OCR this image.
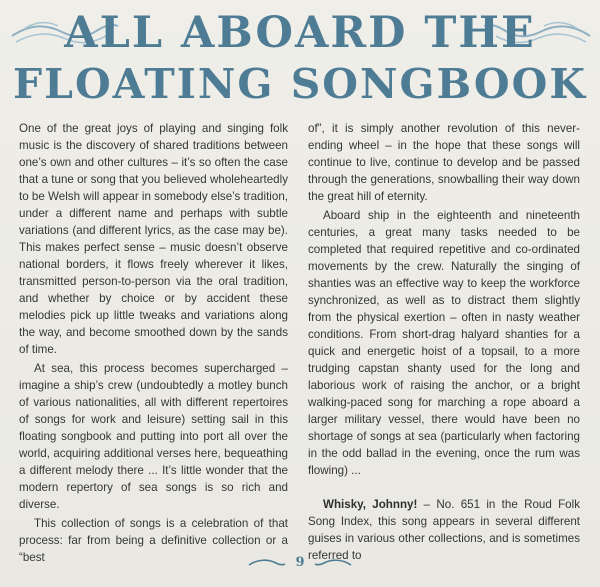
ALL ABOARD THE
FLOATING SONGBOOK

One of the great joys of playing and singing folk music is the discovery of shared traditions between one’s own and other cultures – it’s so often the case that a tune or song that you believed wholeheartedly to be Welsh will appear in somebody else’s tradition, under a different name and perhaps with subtle variations (and different lyrics, as the case may be). This makes perfect sense – music doesn’t observe national borders, it flows freely wherever it likes, transmitted person-to-person via the oral tradition, and whether by choice or by accident these melodies pick up little tweaks and variations along the way, and become smoothed down by the sands of time.

At sea, this process becomes supercharged – imagine a ship’s crew (undoubtedly a motley bunch of various nationalities, all with different repertoires of songs for work and leisure) setting sail in this floating songbook and putting into port all over the world, acquiring additional verses here, bequeathing a different melody there ... It’s little wonder that the modern repertory of sea songs is so rich and diverse.

This collection of songs is a celebration of that process: far from being a definitive collection or a “best

of”, it is simply another revolution of this never-ending wheel – in the hope that these songs will continue to live, continue to develop and be passed through the generations, snowballing their way down the great hill of eternity.

Aboard ship in the eighteenth and nineteenth centuries, a great many tasks needed to be completed that required repetitive and co-ordinated movements by the crew. Naturally the singing of shanties was an effective way to keep the workforce synchronized, as well as to distract them slightly from the physical exertion – often in nasty weather conditions. From short-drag halyard shanties for a quick and energetic hoist of a topsail, to a more trudging capstan shanty used for the long and laborious work of raising the anchor, or a bright walking-paced song for marching a rope aboard a larger military vessel, there would have been no shortage of songs at sea (particularly when factoring in the odd ballad in the evening, once the rum was flowing) ...

Whisky, Johnny! – No. 651 in the Roud Folk Song Index, this song appears in several different guises in various other collections, and is sometimes referred to

9
